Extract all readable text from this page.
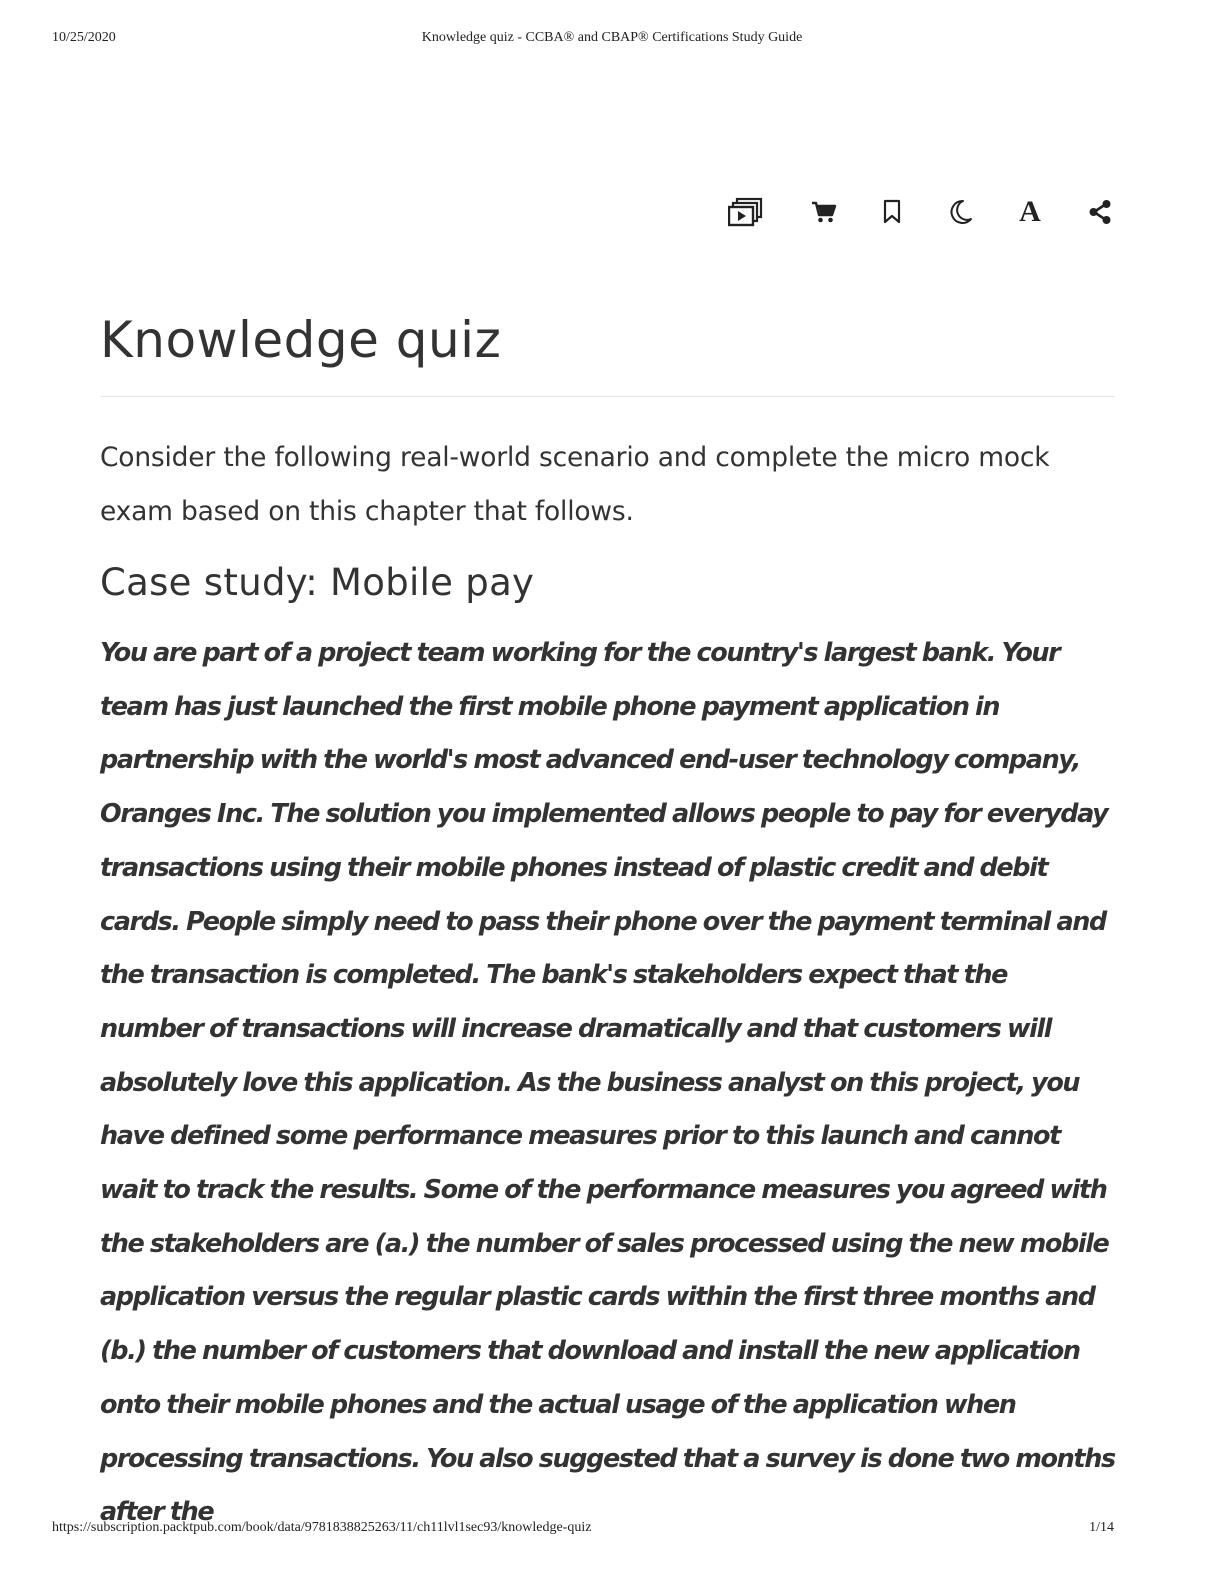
10/25/2020	Knowledge quiz - CCBA® and CBAP® Certifications Study Guide
A
Knowledge quiz

Consider the following real-world scenario and complete the micro mock exam based on this chapter that follows.

Case study: Mobile pay

You are part of a project team working for the country's largest bank. Your team has just launched the first mobile phone payment application in partnership with the world's most advanced end-user technology company, Oranges Inc. The solution you implemented allows people to pay for everyday transactions using their mobile phones instead of plastic credit and debit cards. People simply need to pass their phone over the payment terminal and the transaction is completed. The bank's stakeholders expect that the number of transactions will increase dramatically and that customers will absolutely love this application. As the business analyst on this project, you have defined some performance measures prior to this launch and cannot wait to track the results. Some of the performance measures you agreed with the stakeholders are (a.) the number of sales processed using the new mobile application versus the regular plastic cards within the first three months and (b.) the number of customers that download and install the new application onto their mobile phones and the actual usage of the application when processing transactions. You also suggested that a survey is done two months after the

https://subscription.packtpub.com/book/data/9781838825263/11/ch11lvl1sec93/knowledge-quiz	1/14
